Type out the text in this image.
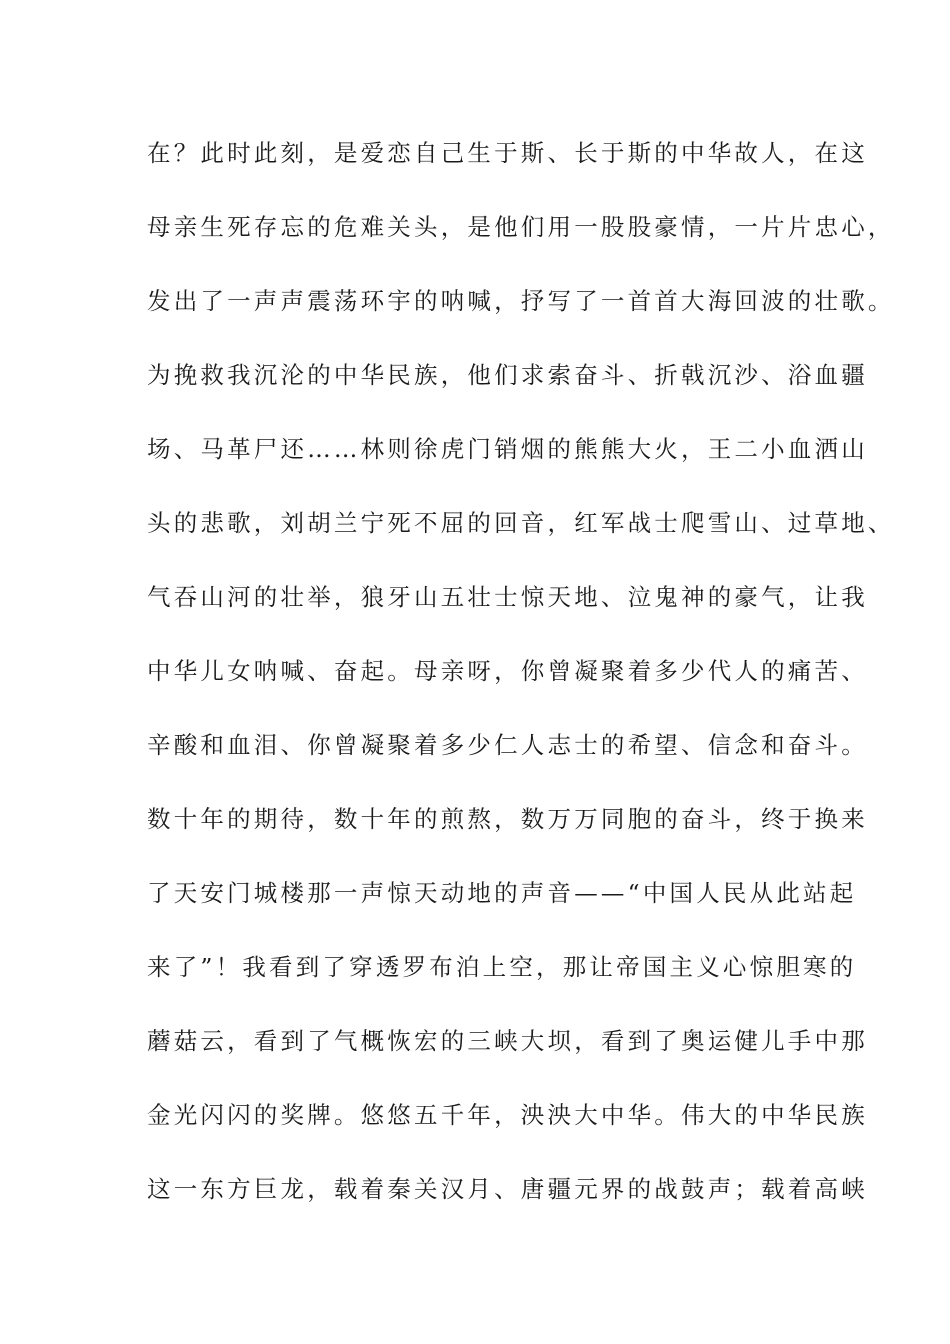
在？此时此刻，是爱恋自己生于斯、长于斯的中华故人，在这
母亲生死存忘的危难关头，是他们用一股股豪情，一片片忠心，
发出了一声声震荡环宇的呐喊，抒写了一首首大海回波的壮歌。
为挽救我沉沦的中华民族，他们求索奋斗、折戟沉沙、浴血疆
场、马革尸还……林则徐虎门销烟的熊熊大火，王二小血洒山
头的悲歌，刘胡兰宁死不屈的回音，红军战士爬雪山、过草地、
气吞山河的壮举，狼牙山五壮士惊天地、泣鬼神的豪气，让我
中华儿女呐喊、奋起。母亲呀，你曾凝聚着多少代人的痛苦、
辛酸和血泪、你曾凝聚着多少仁人志士的希望、信念和奋斗。
数十年的期待，数十年的煎熬，数万万同胞的奋斗，终于换来
了天安门城楼那一声惊天动地的声音——“中国人民从此站起
来了”！我看到了穿透罗布泊上空，那让帝国主义心惊胆寒的
蘑菇云，看到了气概恢宏的三峡大坝，看到了奥运健儿手中那
金光闪闪的奖牌。悠悠五千年，泱泱大中华。伟大的中华民族
这一东方巨龙，载着秦关汉月、唐疆元界的战鼓声；载着高峡
